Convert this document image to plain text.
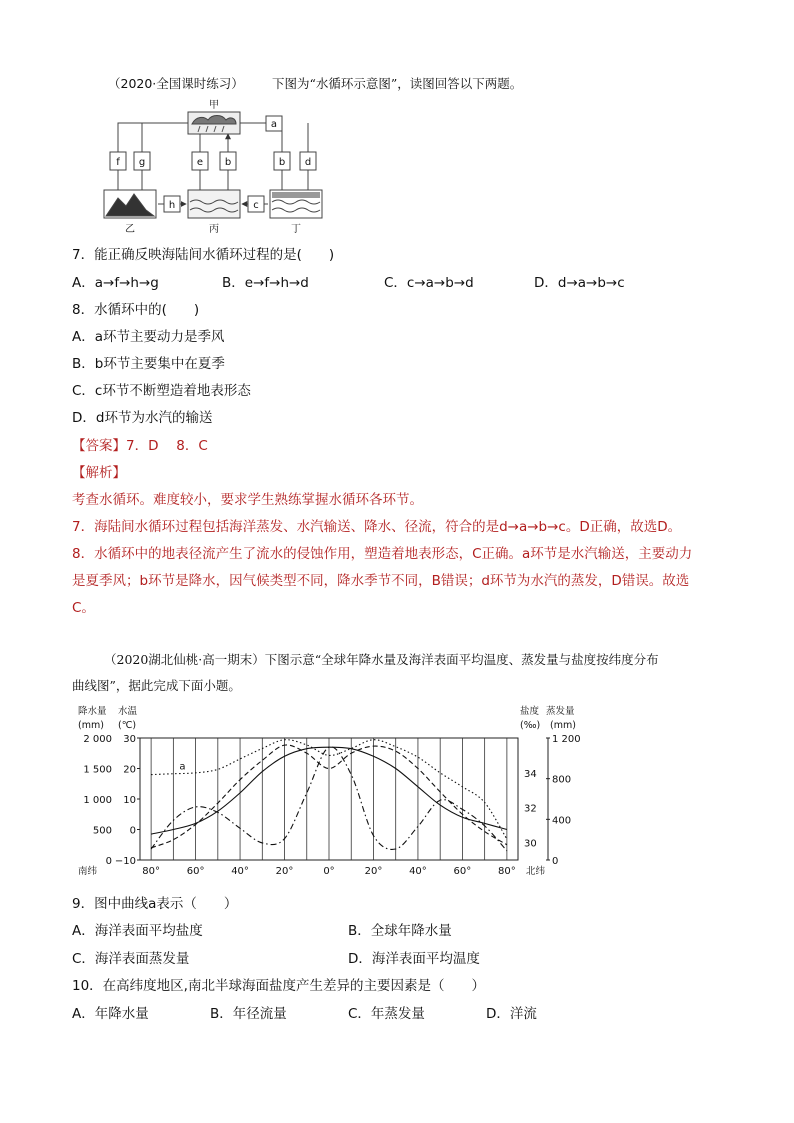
（2020·全国课时练习） 下图为“水循环示意图”，读图回答以下两题。
甲
a
f g	e b	b d
h	c
乙	丙	丁
7．能正确反映海陆间水循环过程的是(　　)
A．a→f→h→g	B．e→f→h→d	C．c→a→b→d	D．d→a→b→c
8．水循环中的(　　)
A．a环节主要动力是季风
B．b环节主要集中在夏季
C．c环节不断塑造着地表形态
D．d环节为水汽的输送
【答案】7．D　 8．C
【解析】
考查水循环。难度较小，要求学生熟练掌握水循环各环节。
7．海陆间水循环过程包括海洋蒸发、水汽输送、降水、径流，符合的是d→a→b→c。D正确，故选D。
8．水循环中的地表径流产生了流水的侵蚀作用，塑造着地表形态，C正确。a环节是水汽输送，主要动力
是夏季风；b环节是降水，因气候类型不同，降水季节不同，B错误；d环节为水汽的蒸发，D错误。故选
C。
（2020湖北仙桃·高一期末）下图示意“全球年降水量及海洋表面平均温度、蒸发量与盐度按纬度分布
曲线图”，据此完成下面小题。
降水量 水温
(mm) (℃)
盐度 蒸发量
(‰) (mm)
南纬	北纬
a
80°	60°	40°	20°	0°	20°	40°	60°	80°
2 000 30
1 500 20
1 000 10
500 0
0 −10
34
32
30
1 200
800
400
0
9．图中曲线a表示（　　）
A．海洋表面平均盐度	B．全球年降水量
C．海洋表面蒸发量	D．海洋表面平均温度
10．在高纬度地区,南北半球海面盐度产生差异的主要因素是（　　）
A．年降水量	B．年径流量	C．年蒸发量	D．洋流
